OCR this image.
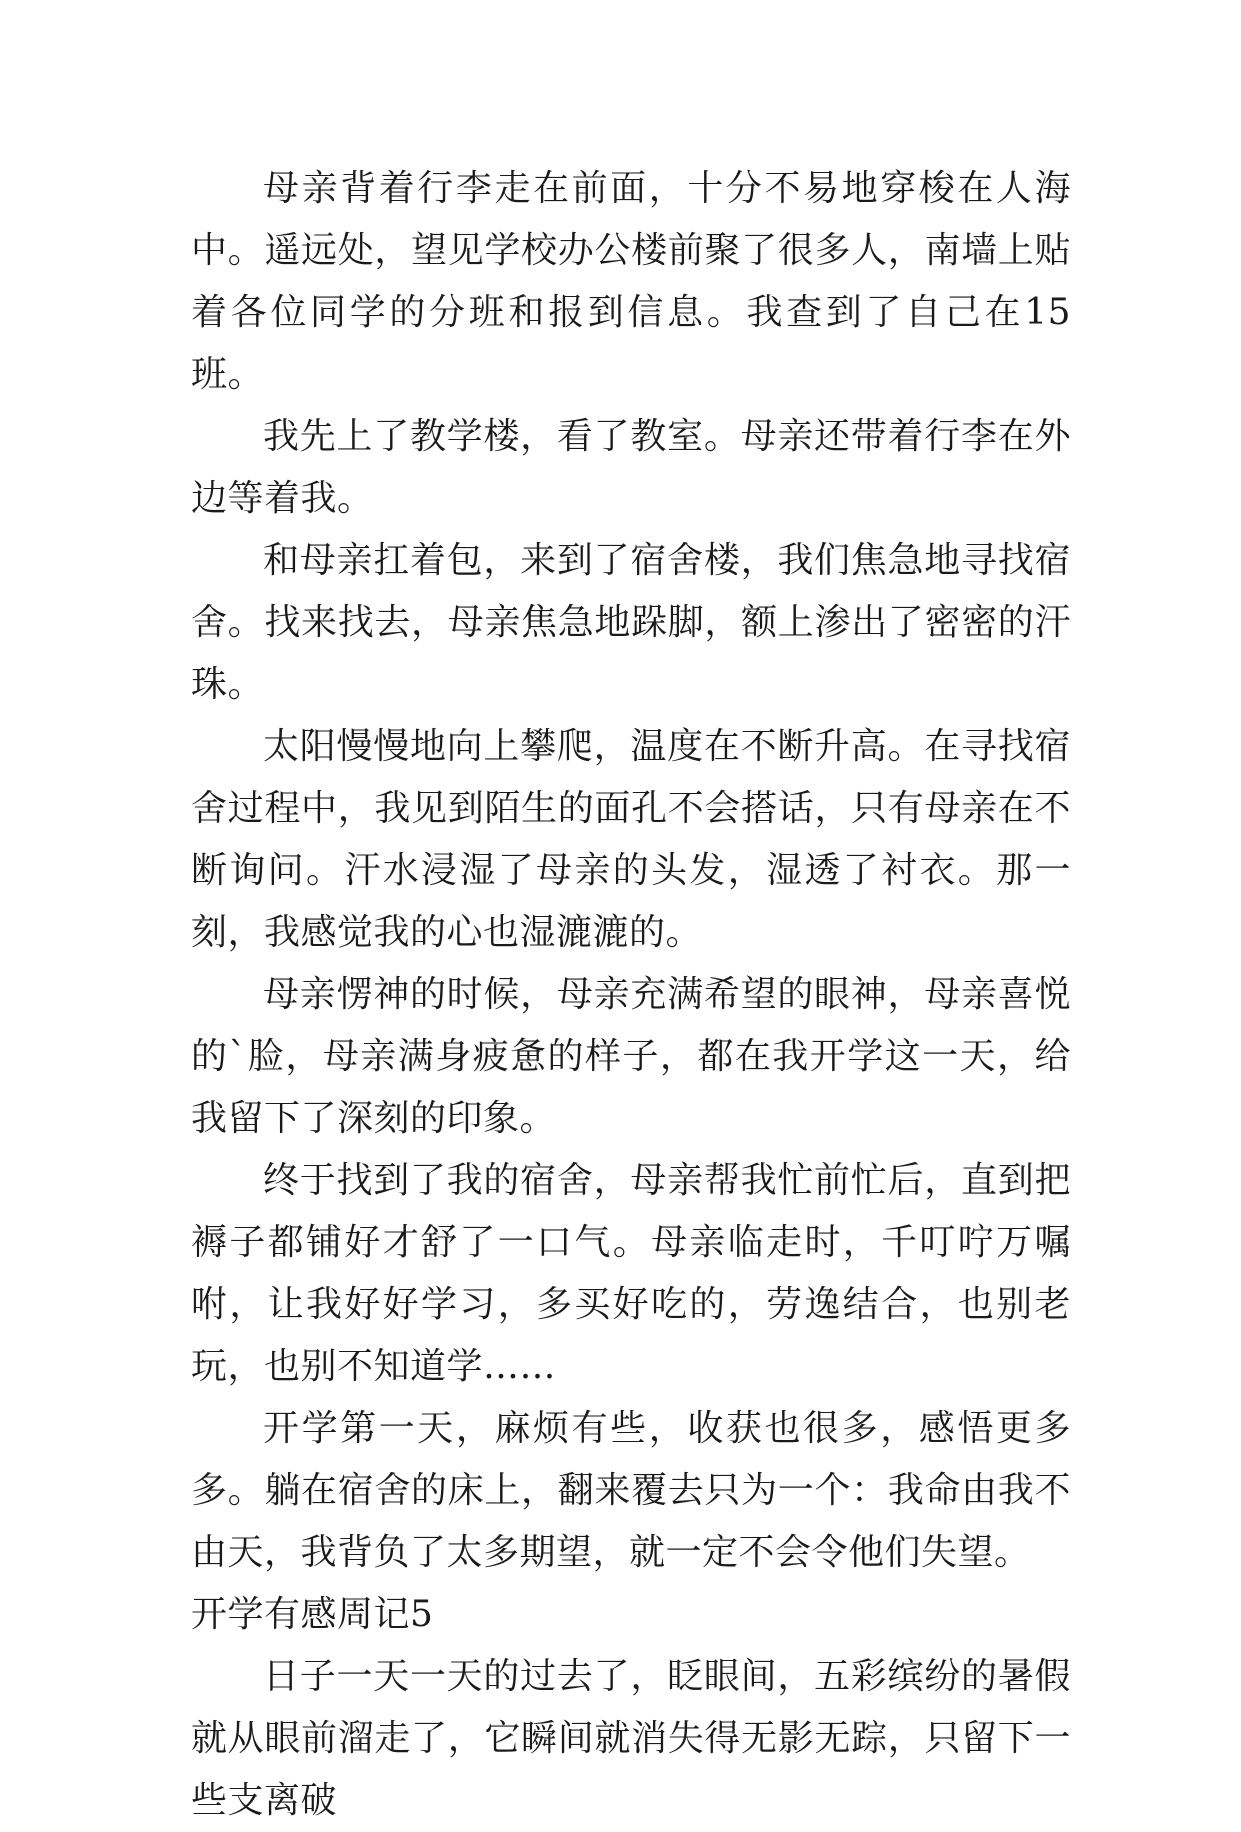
母亲背着行李走在前面，十分不易地穿梭在人海中。遥远处，望见学校办公楼前聚了很多人，南墙上贴着各位同学的分班和报到信息。我查到了自己在15班。

我先上了教学楼，看了教室。母亲还带着行李在外边等着我。

和母亲扛着包，来到了宿舍楼，我们焦急地寻找宿舍。找来找去，母亲焦急地跺脚，额上渗出了密密的汗珠。

太阳慢慢地向上攀爬，温度在不断升高。在寻找宿舍过程中，我见到陌生的面孔不会搭话，只有母亲在不断询问。汗水浸湿了母亲的头发，湿透了衬衣。那一刻，我感觉我的心也湿漉漉的。

母亲愣神的时候，母亲充满希望的眼神，母亲喜悦的`脸，母亲满身疲惫的样子，都在我开学这一天，给我留下了深刻的印象。

终于找到了我的宿舍，母亲帮我忙前忙后，直到把褥子都铺好才舒了一口气。母亲临走时，千叮咛万嘱咐，让我好好学习，多买好吃的，劳逸结合，也别老玩，也别不知道学……

开学第一天，麻烦有些，收获也很多，感悟更多多。躺在宿舍的床上，翻来覆去只为一个：我命由我不由天，我背负了太多期望，就一定不会令他们失望。

开学有感周记5

日子一天一天的过去了，眨眼间，五彩缤纷的暑假就从眼前溜走了，它瞬间就消失得无影无踪，只留下一些支离破
